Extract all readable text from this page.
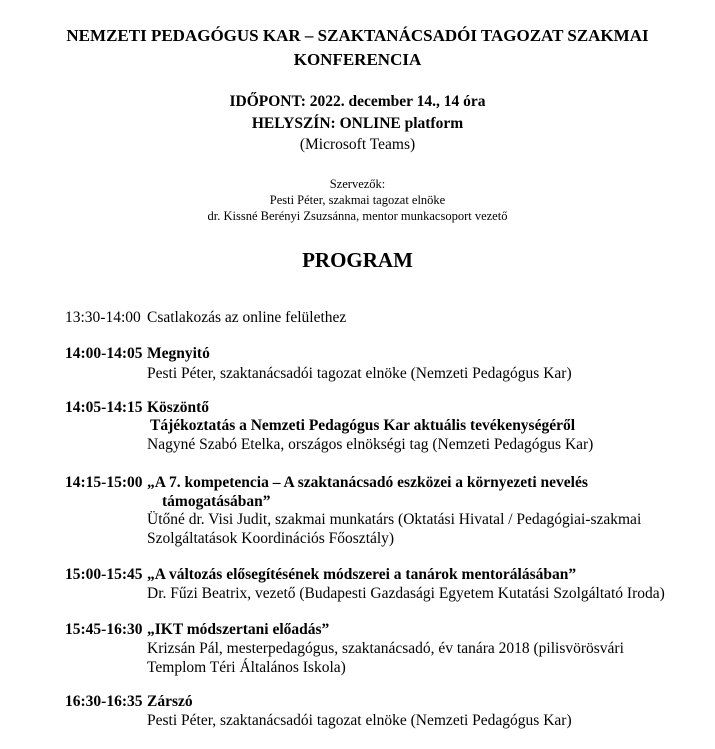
NEMZETI PEDAGÓGUS KAR – SZAKTANÁCSADÓI TAGOZAT SZAKMAI
KONFERENCIA
IDŐPONT: 2022. december 14., 14 óra
HELYSZÍN: ONLINE platform
(Microsoft Teams)
Szervezők:
Pesti Péter, szakmai tagozat elnöke
dr. Kissné Berényi Zsuzsánna, mentor munkacsoport vezető
PROGRAM
13:30-14:00 Csatlakozás az online felülethez
14:00-14:05 Megnyitó
Pesti Péter, szaktanácsadói tagozat elnöke (Nemzeti Pedagógus Kar)
14:05-14:15 Köszöntő
Tájékoztatás a Nemzeti Pedagógus Kar aktuális tevékenységéről
Nagyné Szabó Etelka, országos elnökségi tag (Nemzeti Pedagógus Kar)
14:15-15:00 „A 7. kompetencia – A szaktanácsadó eszközei a környezeti nevelés
támogatásában”
Ütőné dr. Visi Judit, szakmai munkatárs (Oktatási Hivatal / Pedagógiai-szakmai
Szolgáltatások Koordinációs Főosztály)
15:00-15:45 „A változás elősegítésének módszerei a tanárok mentorálásában”
Dr. Fűzi Beatrix, vezető (Budapesti Gazdasági Egyetem Kutatási Szolgáltató Iroda)
15:45-16:30 „IKT módszertani előadás”
Krizsán Pál, mesterpedagógus, szaktanácsadó, év tanára 2018 (pilisvörösvári
Templom Téri Általános Iskola)
16:30-16:35 Zárszó
Pesti Péter, szaktanácsadói tagozat elnöke (Nemzeti Pedagógus Kar)
